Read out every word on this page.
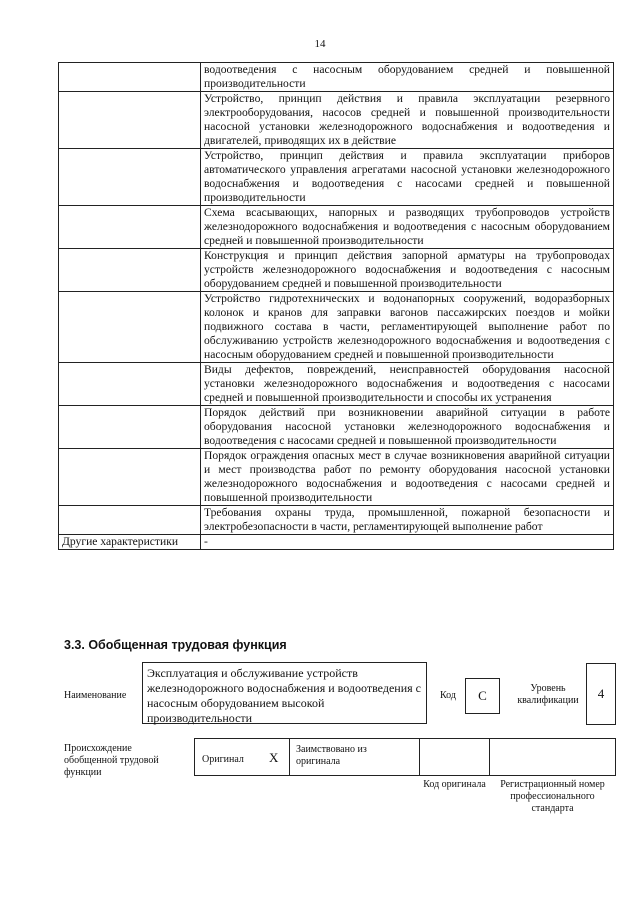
14
	водоотведения с насосным оборудованием средней и повышенной производительности
	Устройство, принцип действия и правила эксплуатации резервного электрооборудования, насосов средней и повышенной производительности насосной установки железнодорожного водоснабжения и водоотведения и двигателей, приводящих их в действие
	Устройство, принцип действия и правила эксплуатации приборов автоматического управления агрегатами насосной установки железнодорожного водоснабжения и водоотведения с насосами средней и повышенной производительности
	Схема всасывающих, напорных и разводящих трубопроводов устройств железнодорожного водоснабжения и водоотведения с насосным оборудованием средней и повышенной производительности
	Конструкция и принцип действия запорной арматуры на трубопроводах устройств железнодорожного водоснабжения и водоотведения с насосным оборудованием средней и повышенной производительности
	Устройство гидротехнических и водонапорных сооружений, водоразборных колонок и кранов для заправки вагонов пассажирских поездов и мойки подвижного состава в части, регламентирующей выполнение работ по обслуживанию устройств железнодорожного водоснабжения и водоотведения с насосным оборудованием средней и повышенной производительности
	Виды дефектов, повреждений, неисправностей оборудования насосной установки железнодорожного водоснабжения и водоотведения с насосами средней и повышенной производительности и способы их устранения
	Порядок действий при возникновении аварийной ситуации в работе оборудования насосной установки железнодорожного водоснабжения и водоотведения с насосами средней и повышенной производительности
	Порядок ограждения опасных мест в случае возникновения аварийной ситуации и мест производства работ по ремонту оборудования насосной установки железнодорожного водоснабжения и водоотведения с насосами средней и повышенной производительности
	Требования охраны труда, промышленной, пожарной безопасности и электробезопасности в части, регламентирующей выполнение работ
Другие характеристики	-
3.3. Обобщенная трудовая функция
Наименование
Эксплуатация и обслуживание устройств железнодорожного водоснабжения и водоотведения с насосным оборудованием высокой производительности
Код	C	Уровень квалификации	4
Происхождение обобщенной трудовой функции
Оригинал X
Заимствовано из оригинала
Код оригинала	Регистрационный номер профессионального стандарта
